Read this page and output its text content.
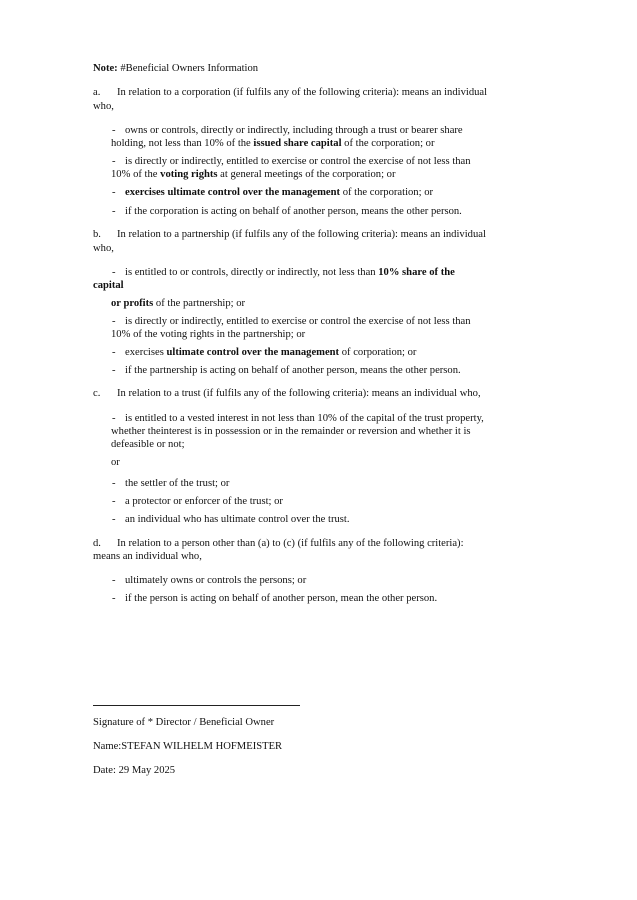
Note: #Beneficial Owners Information
a. In relation to a corporation (if fulfils any of the following criteria): means an individual
who,
- owns or controls, directly or indirectly, including through a trust or bearer share
holding, not less than 10% of the issued share capital of the corporation; or
- is directly or indirectly, entitled to exercise or control the exercise of not less than
10% of the voting rights at general meetings of the corporation; or
- exercises ultimate control over the management of the corporation; or
- if the corporation is acting on behalf of another person, means the other person.
b. In relation to a partnership (if fulfils any of the following criteria): means an individual
who,
- is entitled to or controls, directly or indirectly, not less than 10% share of the
capital
or profits of the partnership; or
- is directly or indirectly, entitled to exercise or control the exercise of not less than
10% of the voting rights in the partnership; or
- exercises ultimate control over the management of corporation; or
- if the partnership is acting on behalf of another person, means the other person.
c. In relation to a trust (if fulfils any of the following criteria): means an individual who,
- is entitled to a vested interest in not less than 10% of the capital of the trust property,
whether theinterest is in possession or in the remainder or reversion and whether it is
defeasible or not;
or
- the settler of the trust; or
- a protector or enforcer of the trust; or
- an individual who has ultimate control over the trust.
d. In relation to a person other than (a) to (c) (if fulfils any of the following criteria):
means an individual who,
- ultimately owns or controls the persons; or
- if the person is acting on behalf of another person, mean the other person.
Signature of * Director / Beneficial Owner
Name:STEFAN WILHELM HOFMEISTER
Date: 29 May 2025
